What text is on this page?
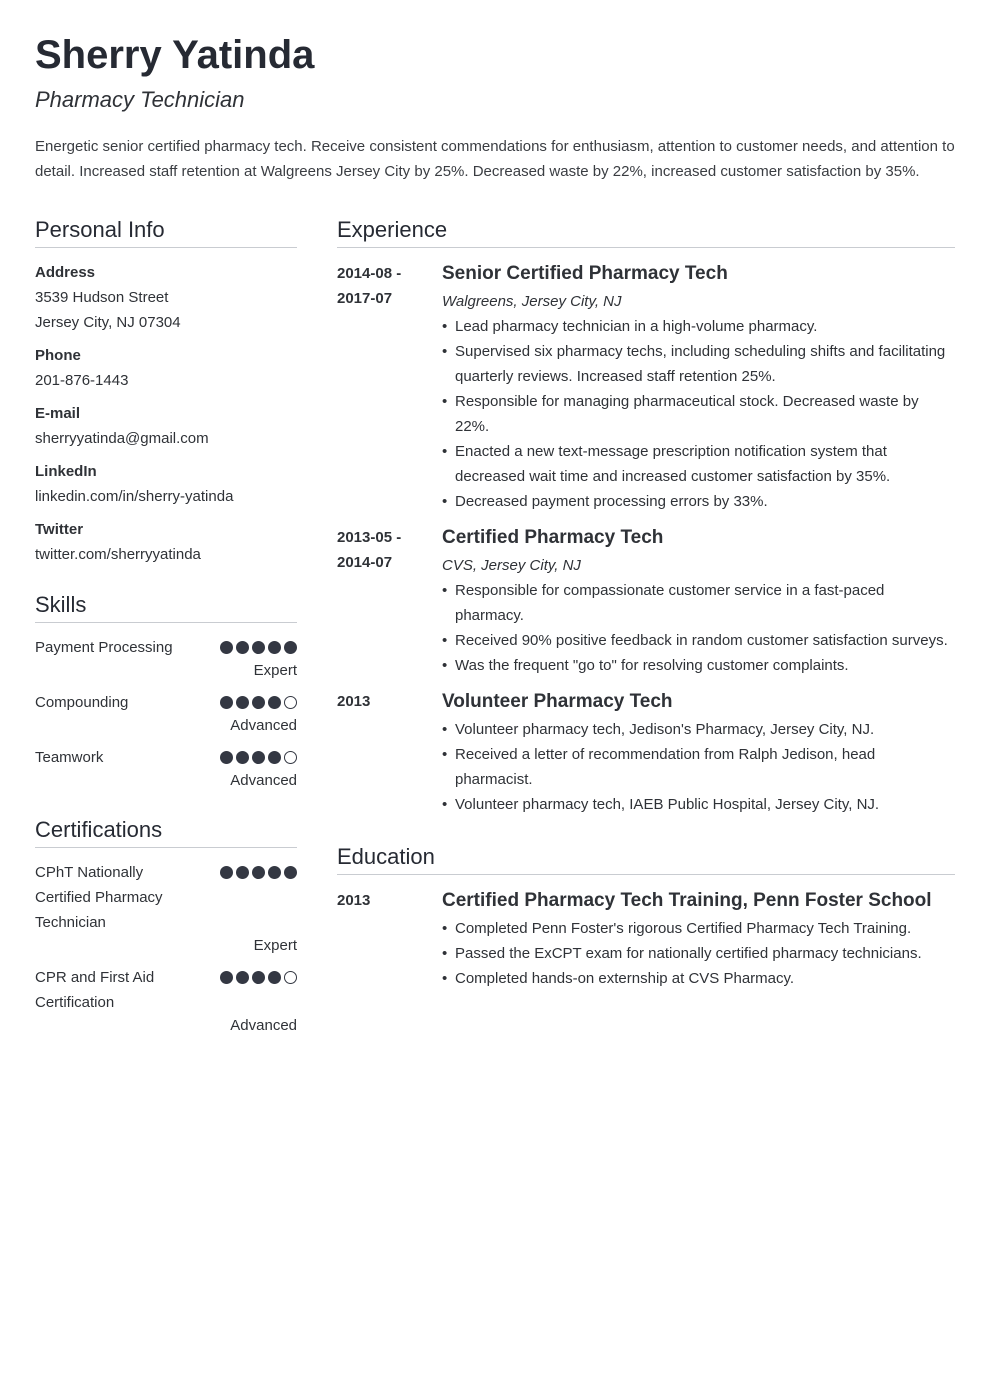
Sherry Yatinda
Pharmacy Technician
Energetic senior certified pharmacy tech. Receive consistent commendations for enthusiasm, attention to customer needs, and attention to detail. Increased staff retention at Walgreens Jersey City by 25%. Decreased waste by 22%, increased customer satisfaction by 35%.
Personal Info
Address
3539 Hudson Street
Jersey City, NJ 07304
Phone
201-876-1443
E-mail
sherryyatinda@gmail.com
LinkedIn
linkedin.com/in/sherry-yatinda
Twitter
twitter.com/sherryyatinda
Skills
Payment Processing
Expert
Compounding
Advanced
Teamwork
Advanced
Certifications
CPhT Nationally Certified Pharmacy Technician
Expert
CPR and First Aid Certification
Advanced
Experience
2014-08 - 2017-07
Senior Certified Pharmacy Tech
Walgreens, Jersey City, NJ
• Lead pharmacy technician in a high-volume pharmacy.
• Supervised six pharmacy techs, including scheduling shifts and facilitating quarterly reviews. Increased staff retention 25%.
• Responsible for managing pharmaceutical stock. Decreased waste by 22%.
• Enacted a new text-message prescription notification system that decreased wait time and increased customer satisfaction by 35%.
• Decreased payment processing errors by 33%.
2013-05 - 2014-07
Certified Pharmacy Tech
CVS, Jersey City, NJ
• Responsible for compassionate customer service in a fast-paced pharmacy.
• Received 90% positive feedback in random customer satisfaction surveys.
• Was the frequent "go to" for resolving customer complaints.
2013	Volunteer Pharmacy Tech
• Volunteer pharmacy tech, Jedison's Pharmacy, Jersey City, NJ.
• Received a letter of recommendation from Ralph Jedison, head pharmacist.
• Volunteer pharmacy tech, IAEB Public Hospital, Jersey City, NJ.
Education
2013	Certified Pharmacy Tech Training, Penn Foster School
• Completed Penn Foster's rigorous Certified Pharmacy Tech Training.
• Passed the ExCPT exam for nationally certified pharmacy technicians.
• Completed hands-on externship at CVS Pharmacy.
